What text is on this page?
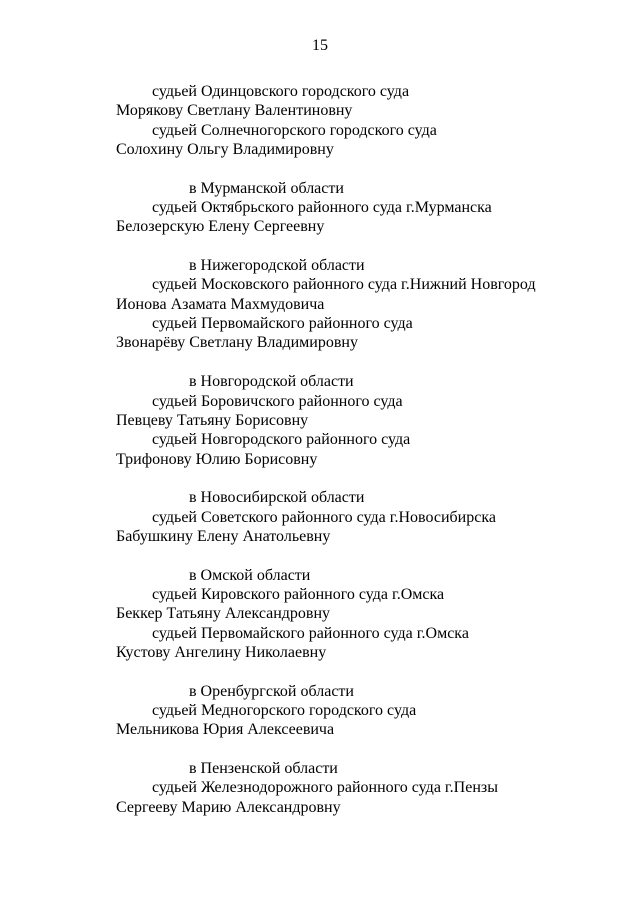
15
судьей Одинцовского городского суда
Морякову Светлану Валентиновну
судьей Солнечногорского городского суда
Солохину Ольгу Владимировну
в Мурманской области
судьей Октябрьского районного суда г.Мурманска
Белозерскую Елену Сергеевну
в Нижегородской области
судьей Московского районного суда г.Нижний Новгород
Ионова Азамата Махмудовича
судьей Первомайского районного суда
Звонарёву Светлану Владимировну
в Новгородской области
судьей Боровичского районного суда
Певцеву Татьяну Борисовну
судьей Новгородского районного суда
Трифонову Юлию Борисовну
в Новосибирской области
судьей Советского районного суда г.Новосибирска
Бабушкину Елену Анатольевну
в Омской области
судьей Кировского районного суда г.Омска
Беккер Татьяну Александровну
судьей Первомайского районного суда г.Омска
Кустову Ангелину Николаевну
в Оренбургской области
судьей Медногорского городского суда
Мельникова Юрия Алексеевича
в Пензенской области
судьей Железнодорожного районного суда г.Пензы
Сергееву Марию Александровну
